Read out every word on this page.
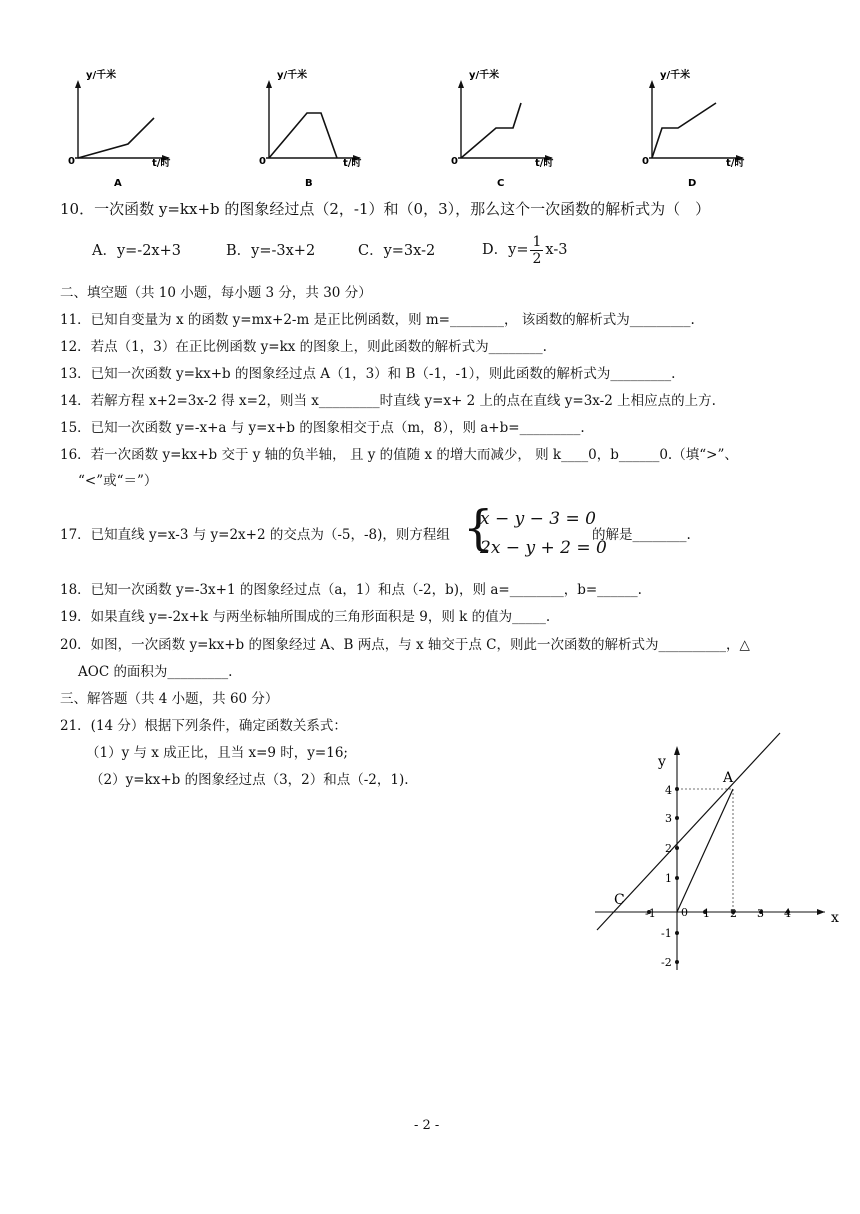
y/千米
t/时
0
A
y/千米
t/时
0
B
y/千米
t/时
0
C
y/千米
t/时
0
D
10．一次函数 y=kx+b 的图象经过点（2，-1）和（0，3），那么这个一次函数的解析式为（　）
A．y=-2x+3	B．y=-3x+2	C．y=3x-2	D．$y= \frac{1}{2} x-3$
二、填空题（共 10 小题，每小题 3 分，共 30 分）
11．已知自变量为 x 的函数 y=mx+2-m 是正比例函数，则 m=________， 该函数的解析式为_________.
12．若点（1，3）在正比例函数 y=kx 的图象上，则此函数的解析式为________.
13．已知一次函数 y=kx+b 的图象经过点 A（1，3）和 B（-1，-1），则此函数的解析式为_________.
14．若解方程 x+2=3x-2 得 x=2，则当 x_________时直线 y=x+ 2 上的点在直线 y=3x-2 上相应点的上方.
15．已知一次函数 y=-x+a 与 y=x+b 的图象相交于点（m，8），则 a+b=_________.
16．若一次函数 y=kx+b 交于 y 轴的负半轴， 且 y 的值随 x 的增大而减少， 则 k____0，b______0.（填“>”、
“<”或“＝”）
17．已知直线 y=x-3 与 y=2x+2 的交点为（-5，-8)，则方程组 {
x − y − 3 = 0
2x − y + 2 = 0
的解是________.
18．已知一次函数 y=-3x+1 的图象经过点（a，1）和点（-2，b)，则 a=________，b=______.
19．如果直线 y=-2x+k 与两坐标轴所围成的三角形面积是 9，则 k 的值为_____.
20．如图，一次函数 y=kx+b 的图象经过 A、B 两点，与 x 轴交于点 C，则此一次函数的解析式为__________，△
AOC 的面积为_________.
三、解答题（共 4 小题，共 60 分）
21．(14 分）根据下列条件，确定函数关系式：
（1）y 与 x 成正比，且当 x=9 时，y=16;
（2）y=kx+b 的图象经过点（3，2）和点（-2，1).
y
x
A
C
0
-1	1 2 3 4
4
3
2
1
-1
-2
- 2 -
